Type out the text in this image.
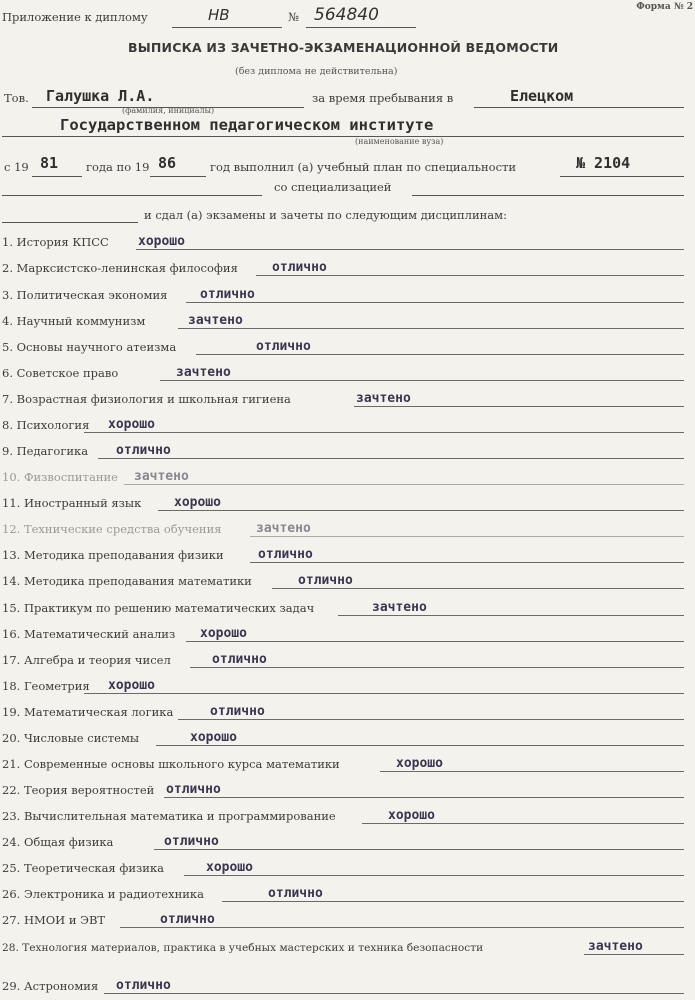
Форма № 2
Приложение к диплому	НВ	№ 564840
ВЫПИСКА ИЗ ЗАЧЕТНО-ЭКЗАМЕНАЦИОННОЙ ВЕДОМОСТИ
(без диплома не действительна)
Тов. Галушка Л.А.
(фамилия, инициалы)
за время пребывания в	Елецком
Государственном педагогическом институте
(наименование вуза)
с 19 81 года по 19 86	год выполнил (а) учебный план по специальности	№ 2104
со специализацией
и сдал (а) экзамены и зачеты по следующим дисциплинам:
1. История КПСС хорошо
2. Марксистско-ленинская философия	отлично
3. Политическая экономия	отлично
4. Научный коммунизм	зачтено
5. Основы научного атеизма	отлично
6. Советское право	зачтено
7. Возрастная физиология и школьная гигиена	зачтено
8. Психология хорошо
9. Педагогика отлично
10. Физвоспитание зачтено
11. Иностранный язык	хорошо
12. Технические средства обучения	зачтено
13. Методика преподавания физики	отлично
14. Методика преподавания математики	отлично
15. Практикум по решению математических задач	зачтено
16. Математический анализ хорошо
17. Алгебра и теория чисел	отлично
18. Геометрия хорошо
19. Математическая логика	отлично
20. Числовые системы	хорошо
21. Современные основы школьного курса математики	хорошо
22. Теория вероятностей отлично
23. Вычислительная математика и программирование	хорошо
24. Общая физика	отлично
25. Теоретическая физика	хорошо
26. Электроника и радиотехника	отлично
27. НМОИ и ЭВТ	отлично
28. Технология материалов, практика в учебных мастерских и техника безопасности	зачтено
29. Астрономия отлично
